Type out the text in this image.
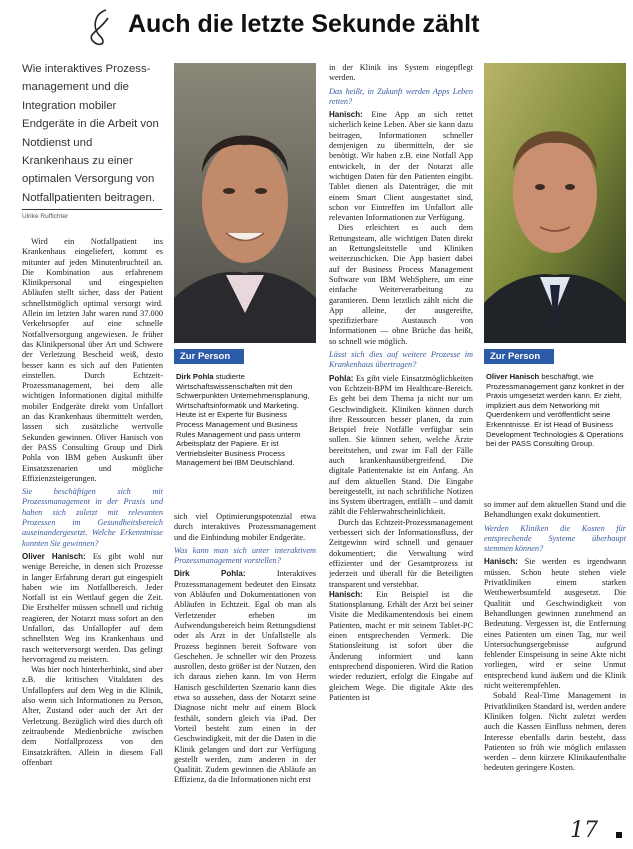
Auch die letzte Sekunde zählt
Wie interaktives Prozess-management und die Integration mobiler Endgeräte in die Arbeit von Notdienst und Krankenhaus zu einer optimalen Versorgung von Notfallpatienten beitragen.
Ulrike Ruffichter

Wird ein Notfallpatient ins Krankenhaus eingeliefert, kommt es mitunter auf jeden Minutenbruchteil an. Die Kombination aus erfahrenem Klinikpersonal und eingespielten Abläufen stellt sicher, dass der Patient schnellstmöglich optimal versorgt wird. Allein im letzten Jahr waren rund 37.000 Verkehrsopfer auf eine schnelle Notfallversorgung angewiesen. Je früher das Klinikpersonal über Art und Schwere der Verletzung Bescheid weiß, desto besser kann es sich auf den Patienten einstellen. Durch Echtzeit-Prozessmanagement, bei dem alle wichtigen Informationen digital mithilfe mobiler Endgeräte direkt vom Unfallort an das Krankenhaus übermittelt werden, lassen sich zusätzliche wertvolle Sekunden gewinnen. Oliver Hanisch von der PASS Consulting Group und Dirk Pohla von IBM geben Auskunft über Einsatzszenarien und mögliche Effizienzsteigerungen.

Sie beschäftigen sich mit Prozessmanagement in der Praxis und haben sich zuletzt mit relevanten Prozessen im Gesundheitsbereich auseinandergesetzt. Welche Erkenntnisse konnten Sie gewinnen?

Oliver Hanisch: Es gibt wohl nur wenige Bereiche, in denen sich Prozesse in langer Erfahrung derart gut eingespielt haben wie im Notfallbereich. Jeder Notfall ist ein Wettlauf gegen die Zeit. Die Ersthelfer müssen schnell und richtig reagieren, der Notarzt muss sofort an den Unfallort, das Unfallopfer auf dem schnellsten Weg ins Krankenhaus und rasch weiterversorgt werden. Das gelingt hervorragend zu meistern.

Was hier noch hinterherhinkt, sind aber z.B. die kritischen Vitaldaten des Unfallopfers auf dem Weg in die Klinik, also wenn sich Informationen zu Person, Alter, Zustand oder auch der Art der Verletzung. Bezüglich wird dies durch oft zeitraubende Medienbrüche zwischen dem Notfallprozess von den Einsatzkräften. Allein in diesem Fall offenbart

Zur Person
Dirk Pohla studierte Wirtschaftswissenschaften mit den Schwerpunkten Unternehmensplanung, Wirtschaftsinformatik und Marketing. Heute ist er Experte für Business Process Management und Business Rules Management und pass unterm Arbeitsplatz der Papiere. Er ist Vertriebsleiter Business Process Management bei IBM Deutschland.

sich viel Optimierungspotenzial etwa durch interaktives Prozessmanagement und die Einbindung mobiler Endgeräte.

Was kann man sich unter interaktivem Prozessmanagement vorstellen?

Dirk Pohla:	Interaktives Prozessmanagement bedeutet den Einsatz von Abläufen und Dokumentationen von Abläufen in Echtzeit. Egal ob man als Verletzender erheben im Aufwendungsbereich beim Rettungsdienst oder als Arzt in der Unfallstelle als Prozess beginnen bereit Software von Geschehen. Je schneller wir den Prozess ausrollen, desto größer ist der Nutzen, den ich daraus ziehen kann. Im von Herrn Hanisch geschilderten Szenario kann dies etwa so aussehen, dass der Notarzt seine Diagnose nicht mehr auf einem Block festhält, sondern gleich via iPad. Der Vorteil besteht zum einen in der Geschwindigkeit, mit der die Daten in die Klinik gelangen und dort zur Verfügung gestellt werden, zum anderen in der Qualität. Zudem gewinnen die Abläufe an Effizienz, da die Informationen nicht erst

in der Klinik ins System eingepflegt werden.

Das heißt, in Zukunft werden Apps Leben retten?

Hanisch: Eine App an sich rettet sicherlich keine Leben. Aber sie kann dazu beitragen, Informationen schneller demjenigen zu übermitteln, der sie benötigt. Wir haben z.B. eine Notfall App entwickelt, in der der Notarzt alle wichtigen Daten für den Patienten eingibt. Tablet dienen als Datenträger, die mit einem Smart Client ausgestattet sind, schon vor Eintreffen im Unfallort alle relevanten Informationen zur Verfügung.

Dies erleichtert es auch dem Rettungsteam, alle wichtigen Daten direkt an Rettungsleitstelle und Kliniken weiterzuschicken. Die App basiert dabei auf der Business Process Management Software von IBM WebSphere, um eine einfache Weiterverarbeitung zu garantieren. Denn letztlich zählt nicht die App alleine, der ausgereifte, spezifizierbare Austausch von Informationen — ohne Brüche das heißt, so schnell wie möglich.

Lässt sich dies auf weitere Prozesse im Krankenhaus übertragen?

Pohla: Es gibt viele Einsatzmöglichkeiten von Echtzeit-BPM im Healthcare-Bereich. Es geht bei dem Thema ja nicht nur um Geschwindigkeit. Kliniken können durch ihre Ressourcen besser planen, da zum Beispiel freie Notfälle verfügbar sein sollen. Sie können sehen, welche Ärzte bereitstehen, und zwar im Fall der Fälle auch krankenhausübergreifend. Die digitale Patientenakte ist ein Anfang. An auf dem aktuellen Stand. Die Eingabe bereitgestellt, ist nach schriftliche Notizen ins System übertragen, entfällt – und damit zählt die Fehlerwahrscheinlichkeit.

Durch das Echtzeit-Prozessmanagement verbessert sich der Informationsfluss, der Zeitgewinn wird schnell und genauer dokumentiert; die Verwaltung wird effizienter und der Gesamtprozess ist jederzeit und überall für die Beteiligten transparent und verstehbar.

Hanisch: Ein Beispiel ist die Stationsplanung. Erhält der Arzt bei seiner Visite die Medikamentendosis bei einem Patienten, macht er mit seinem Tablet-PC einen entsprechenden Vermerk. Die Stationsleitung ist sofort über die Änderung informiert und kann entsprechend disponieren. Wird die Ration wieder reduziert, erfolgt die Eingabe auf gleichem Wege. Die digitale Akte des Patienten ist

Zur Person
Oliver Hanisch beschäftigt, wie Prozessmanagement ganz konkret in der Praxis umgesetzt werden kann. Er zieht, impliziert aus dem Networking mit Querdenkern und veröffentlicht seine Erkenntnisse. Er ist Head of Business Development Technologies & Operations bei der PASS Consulting Group.

so immer auf dem aktuellen Stand und die Behandlungen exakt dokumentiert.

Werden Kliniken die Kosten für entsprechende Systeme überhaupt stemmen können?

Hanisch: Sie werden es irgendwann müssen. Schon heute stehen viele Privatkliniken einem starken Wettbewerbsumfeld ausgesetzt. Die Qualität und Geschwindigkeit von Behandlungen gewinnen zunehmend an Bedeutung. Vergessen ist, die Entfernung eines Patienten um einen Tag, nur weil Untersuchungsergebnisse aufgrund fehlender Einspeisung in seine Akte nicht vorliegen, wird er seine Unmut entsprechend kund äußern und die Klinik nicht weiterempfehlen.

Sobald Real-Time Management in Privatkliniken Standard ist, werden andere Kliniken folgen. Nicht zuletzt werden auch die Kassen Einfluss nehmen, deren Interesse ebenfalls darin besteht, dass Patienten so früh wie möglich entlassen werden – denn kürzere Klinikaufenthalte bedeuten geringere Kosten.

17
